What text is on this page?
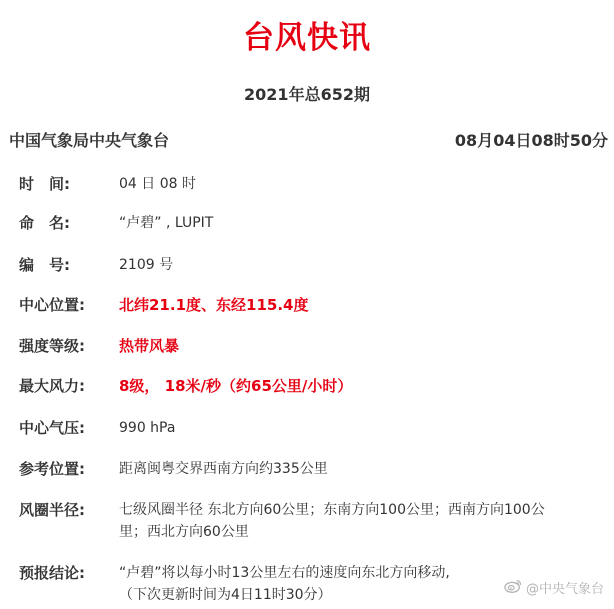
台风快讯
2021年总652期
中国气象局中央气象台	08月04日08时50分
时　间:	04 日 08 时
命　名:	“卢碧” , LUPIT
编　号:	2109 号
中心位置:	北纬21.1度、东经115.4度
强度等级:	热带风暴
最大风力:	8级， 18米/秒（约65公里/小时）
中心气压:	990 hPa
参考位置:	距离闽粤交界西南方向约335公里
风圈半径:	七级风圈半径 东北方向60公里；东南方向100公里；西南方向100公
里；西北方向60公里
预报结论:	“卢碧”将以每小时13公里左右的速度向东北方向移动,
（下次更新时间为4日11时30分）	@中央气象台
